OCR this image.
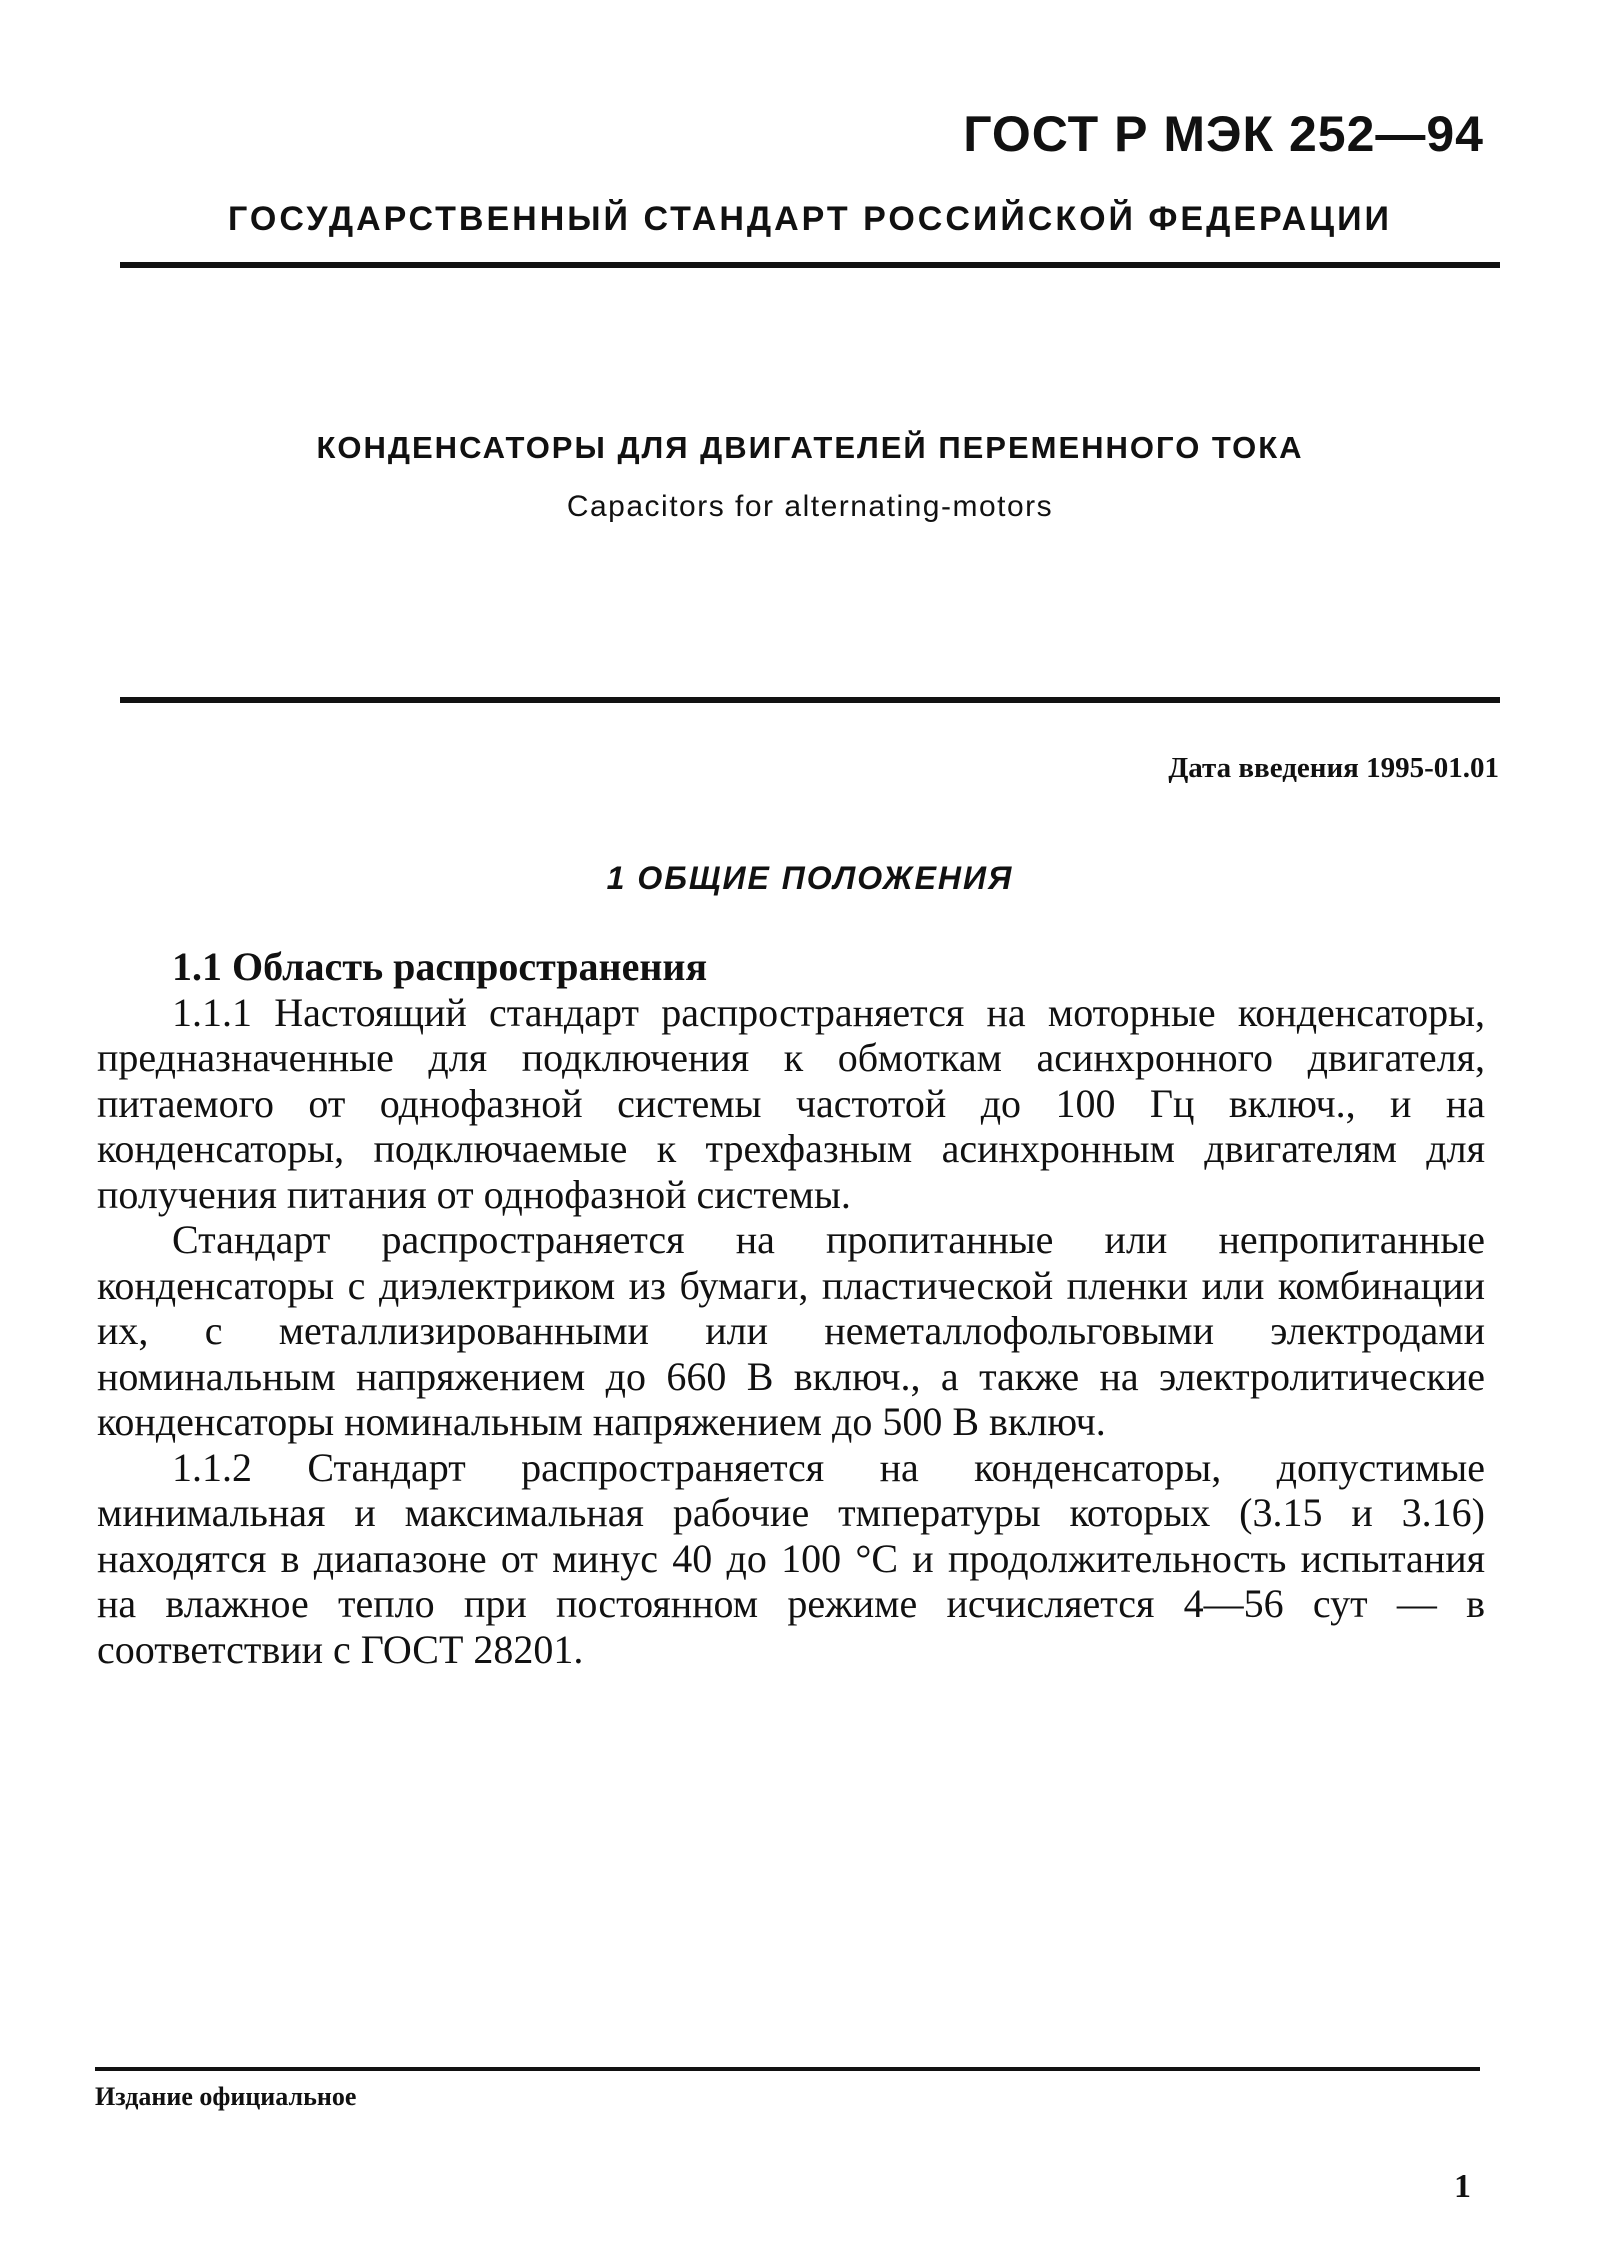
ГОСТ Р МЭК 252—94
ГОСУДАРСТВЕННЫЙ СТАНДАРТ РОССИЙСКОЙ ФЕДЕРАЦИИ
КОНДЕНСАТОРЫ ДЛЯ ДВИГАТЕЛЕЙ ПЕРЕМЕННОГО ТОКА
Capacitors for alternating-motors
Дата введения 1995-01.01
1 ОБЩИЕ ПОЛОЖЕНИЯ

1.1 Область распространения

1.1.1 Настоящий стандарт распространяется на моторные конденсаторы, предназначенные для подключения к обмоткам асинхронного двигателя, питаемого от однофазной системы частотой до 100 Гц включ., и на конденсаторы, подключаемые к трехфазным асинхронным двигателям для получения питания от однофазной системы.

Стандарт распространяется на пропитанные или непропитанные конденсаторы с диэлектриком из бумаги, пластической пленки или комбинации их, с металлизированными или неметаллофольговыми электродами номинальным напряжением до 660 В включ., а также на электролитические конденсаторы номинальным напряжением до 500 В включ.

1.1.2 Стандарт распространяется на конденсаторы, допустимые минимальная и максимальная рабочие тмпературы которых (3.15 и 3.16) находятся в диапазоне от минус 40 до 100 °С и продолжительность испытания на влажное тепло при постоянном режиме исчисляется 4—56 сут — в соответствии с ГОСТ 28201.

Издание официальное
1
